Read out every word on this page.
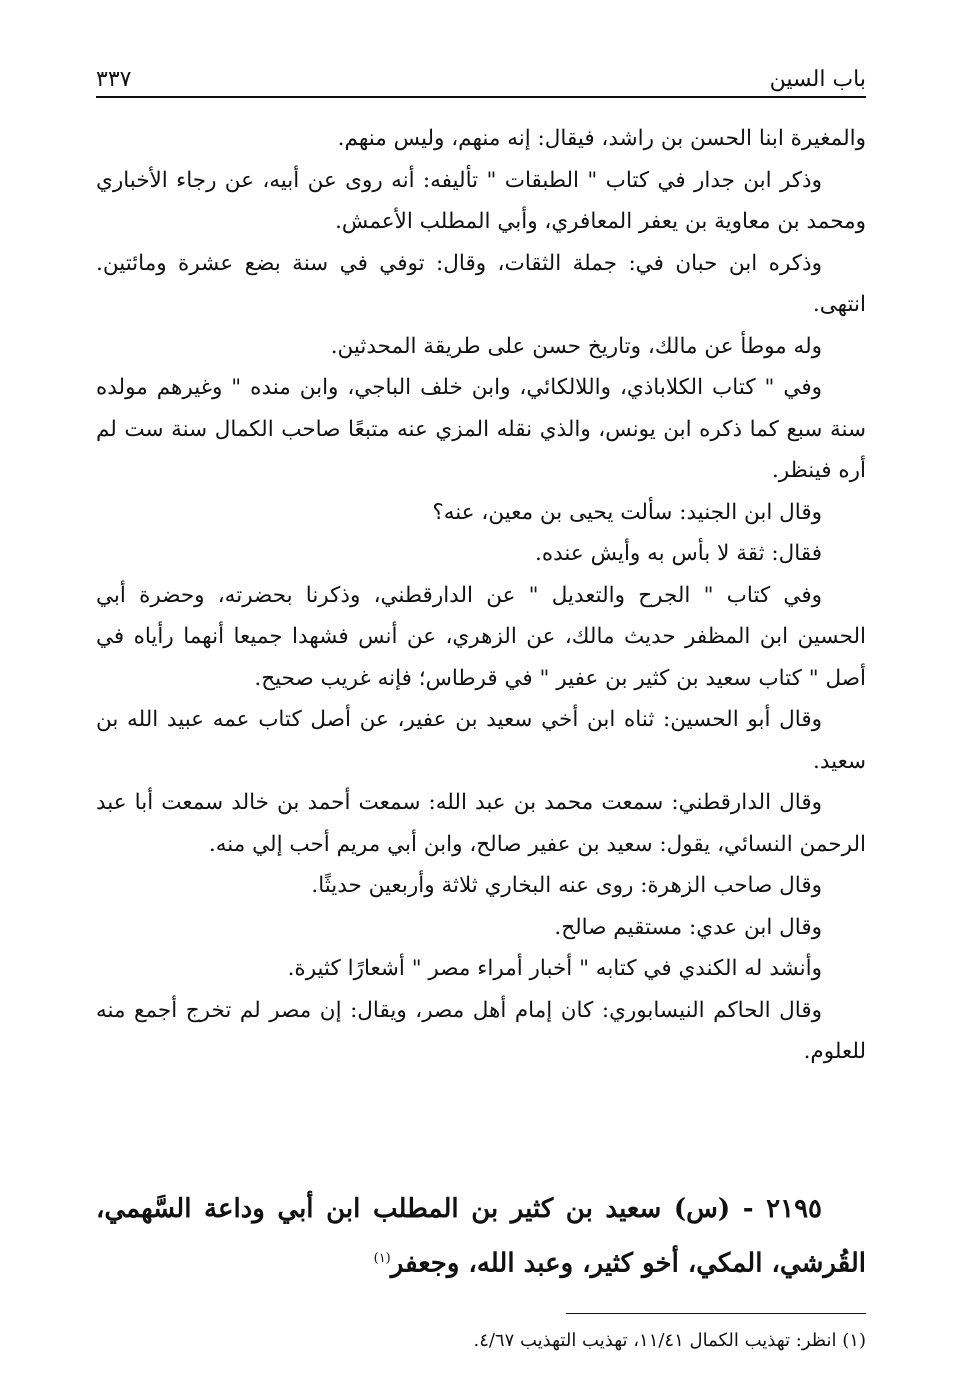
باب السين
٣٣٧

والمغيرة ابنا الحسن بن راشد، فيقال: إنه منهم، وليس منهم.

وذكر ابن جدار في كتاب " الطبقات " تأليفه: أنه روى عن أبيه، عن رجاء الأخباري ومحمد بن معاوية بن يعفر المعافري، وأبي المطلب الأعمش.

وذكره ابن حبان في: جملة الثقات، وقال: توفي في سنة بضع عشرة ومائتين. انتهى.

وله موطأ عن مالك، وتاريخ حسن على طريقة المحدثين.

وفي " كتاب الكلاباذي، واللالكائي، وابن خلف الباجي، وابن منده " وغيرهم مولده سنة سبع كما ذكره ابن يونس، والذي نقله المزي عنه متبعًا صاحب الكمال سنة ست لم أره فينظر.

وقال ابن الجنيد: سألت يحيى بن معين، عنه؟

فقال: ثقة لا بأس به وأيش عنده.

وفي كتاب " الجرح والتعديل " عن الدارقطني، وذكرنا بحضرته، وحضرة أبي الحسين ابن المظفر حديث مالك، عن الزهري، عن أنس فشهدا جميعا أنهما رأياه في أصل " كتاب سعيد بن كثير بن عفير " في قرطاس؛ فإنه غريب صحيح.

وقال أبو الحسين: ثناه ابن أخي سعيد بن عفير، عن أصل كتاب عمه عبيد الله بن سعيد.

وقال الدارقطني: سمعت محمد بن عبد الله: سمعت أحمد بن خالد سمعت أبا عبد الرحمن النسائي، يقول: سعيد بن عفير صالح، وابن أبي مريم أحب إلي منه.

وقال صاحب الزهرة: روى عنه البخاري ثلاثة وأربعين حديثًا.

وقال ابن عدي: مستقيم صالح.

وأنشد له الكندي في كتابه " أخبار أمراء مصر " أشعارًا كثيرة.

وقال الحاكم النيسابوري: كان إمام أهل مصر، ويقال: إن مصر لم تخرج أجمع منه للعلوم.

٢١٩٥ - (س) سعيد بن كثير بن المطلب ابن أبي وداعة السَّهمي، القُرشي، المكي، أخو كثير، وعبد الله، وجعفر$^{(١)}$

(١) انظر: تهذيب الكمال ١١/٤١، تهذيب التهذيب ٤/٦٧.
